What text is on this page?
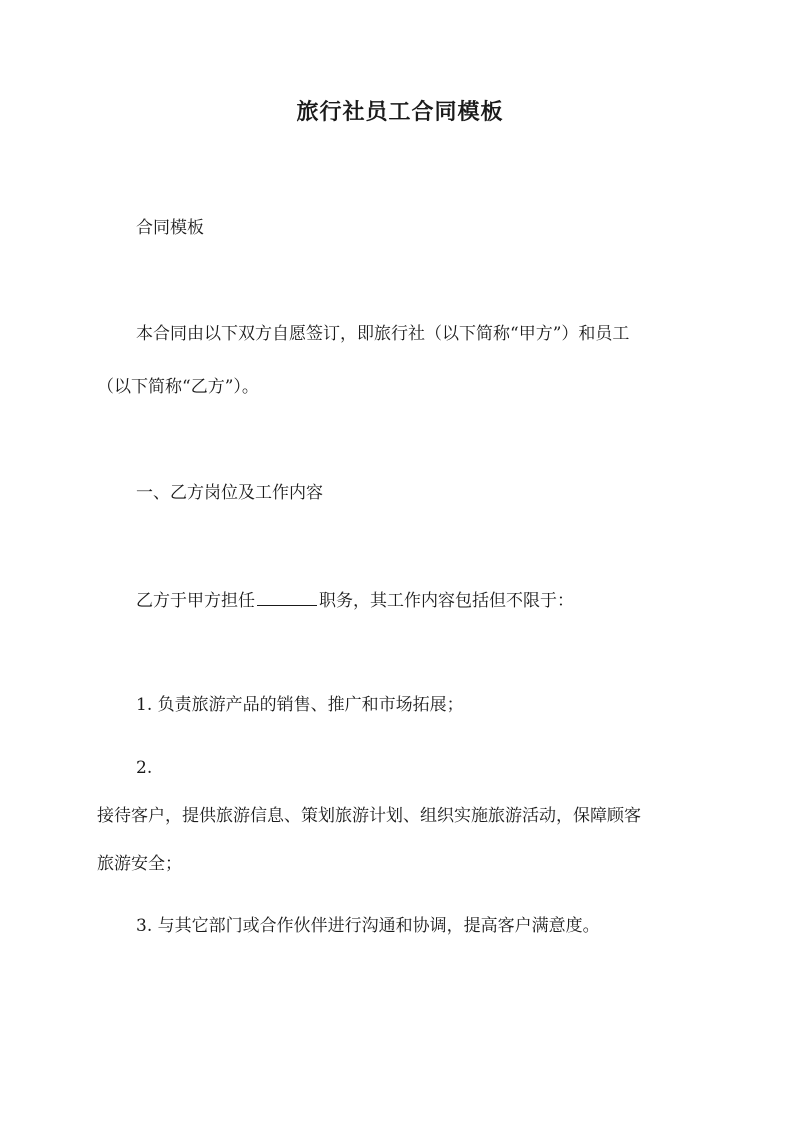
旅行社员工合同模板

合同模板

本合同由以下双方自愿签订，即旅行社（以下简称“甲方”）和员工

（以下简称“乙方”）。

一、乙方岗位及工作内容

乙方于甲方担任	职务，其工作内容包括但不限于：

1. 负责旅游产品的销售、推广和市场拓展；

2.

接待客户，提供旅游信息、策划旅游计划、组织实施旅游活动，保障顾客

旅游安全；

3. 与其它部门或合作伙伴进行沟通和协调，提高客户满意度。
